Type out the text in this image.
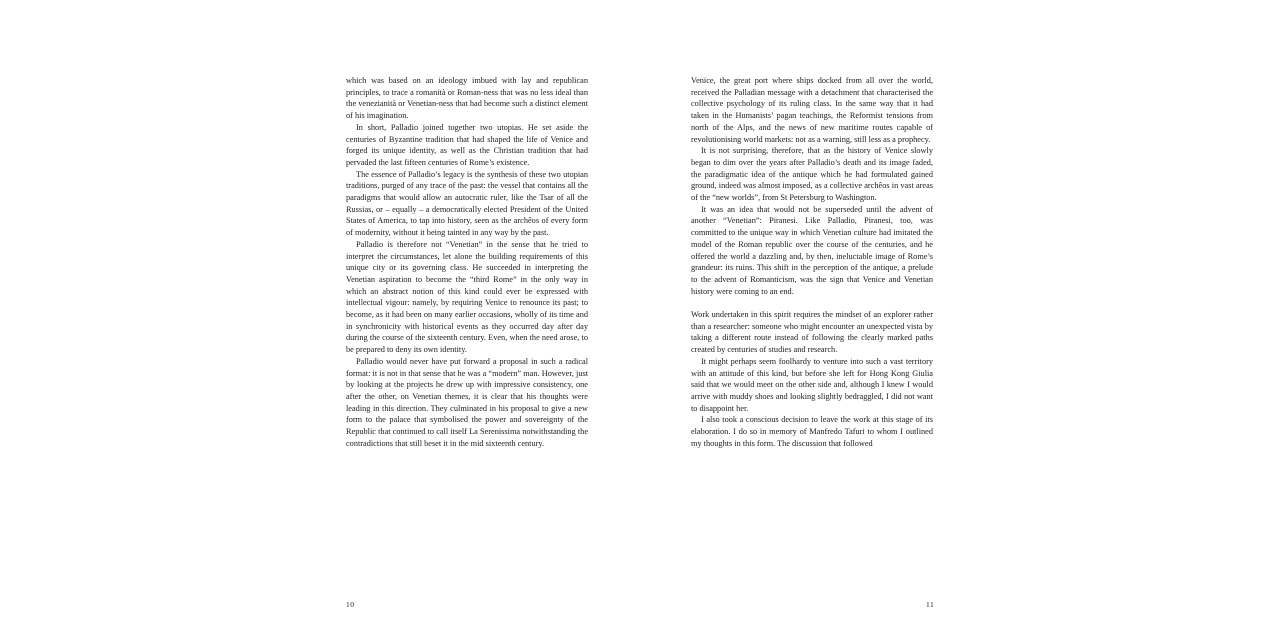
which was based on an ideology imbued with lay and republican principles, to trace a romanità or Roman-ness that was no less ideal than the venezianità or Venetian-ness that had become such a distinct element of his imagination.

In short, Palladio joined together two utopias. He set aside the centuries of Byzantine tradition that had shaped the life of Venice and forged its unique identity, as well as the Christian tradition that had pervaded the last fifteen centuries of Rome’s existence.

The essence of Palladio’s legacy is the synthesis of these two utopian traditions, purged of any trace of the past: the vessel that contains all the paradigms that would allow an autocratic ruler, like the Tsar of all the Russias, or – equally – a democratically elected President of the United States of America, to tap into history, seen as the archêos of every form of modernity, without it being tainted in any way by the past.

Palladio is therefore not “Venetian” in the sense that he tried to interpret the circumstances, let alone the building requirements of this unique city or its governing class. He succeeded in interpreting the Venetian aspiration to become the “third Rome” in the only way in which an abstract notion of this kind could ever be expressed with intellectual vigour: namely, by requiring Venice to renounce its past; to become, as it had been on many earlier occasions, wholly of its time and in synchronicity with historical events as they occurred day after day during the course of the sixteenth century. Even, when the need arose, to be prepared to deny its own identity.

Palladio would never have put forward a proposal in such a radical format: it is not in that sense that he was a “modern” man. However, just by looking at the projects he drew up with impressive consistency, one after the other, on Venetian themes, it is clear that his thoughts were leading in this direction. They culminated in his proposal to give a new form to the palace that symbolised the power and sovereignty of the Republic that continued to call itself La Serenissima notwithstanding the contradictions that still beset it in the mid sixteenth century.

10

Venice, the great port where ships docked from all over the world, received the Palladian message with a detachment that characterised the collective psychology of its ruling class. In the same way that it had taken in the Humanists’ pagan teachings, the Reformist tensions from north of the Alps, and the news of new maritime routes capable of revolutionising world markets: not as a warning, still less as a prophecy.

It is not surprising, therefore, that as the history of Venice slowly began to dim over the years after Palladio’s death and its image faded, the paradigmatic idea of the antique which he had formulated gained ground, indeed was almost imposed, as a collective archêos in vast areas of the “new worlds”, from St Petersburg to Washington.

It was an idea that would not be superseded until the advent of another “Venetian”: Piranesi. Like Palladio, Piranesi, too, was committed to the unique way in which Venetian culture had imitated the model of the Roman republic over the course of the centuries, and he offered the world a dazzling and, by then, ineluctable image of Rome’s grandeur: its ruins. This shift in the perception of the antique, a prelude to the advent of Romanticism, was the sign that Venice and Venetian history were coming to an end.

Work undertaken in this spirit requires the mindset of an explorer rather than a researcher: someone who might encounter an unexpected vista by taking a different route instead of following the clearly marked paths created by centuries of studies and research.

It might perhaps seem foolhardy to venture into such a vast territory with an attitude of this kind, but before she left for Hong Kong Giulia said that we would meet on the other side and, although I knew I would arrive with muddy shoes and looking slightly bedraggled, I did not want to disappoint her.

I also took a conscious decision to leave the work at this stage of its elaboration. I do so in memory of Manfredo Tafuri to whom I outlined my thoughts in this form. The discussion that followed

11
